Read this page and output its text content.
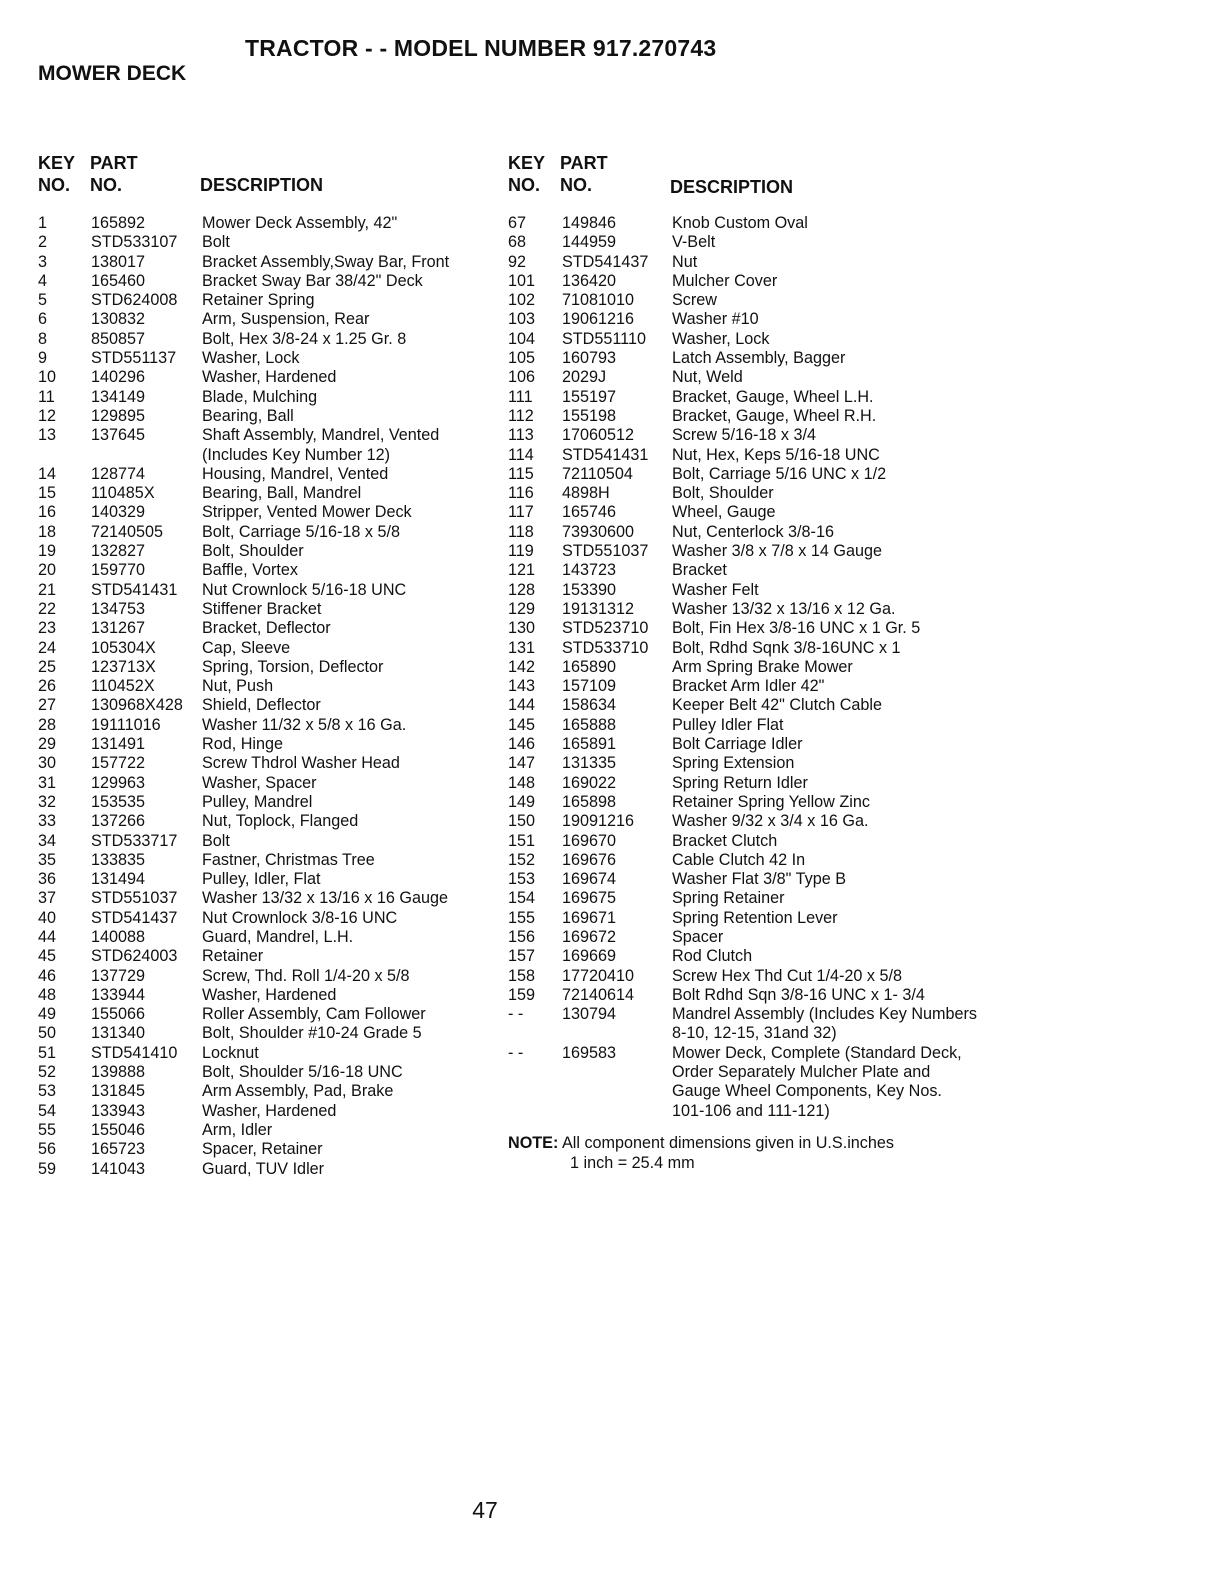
TRACTOR - - MODEL NUMBER 917.270743
MOWER DECK
KEY
NO.
PART
NO.	DESCRIPTION
1	165892	Mower Deck Assembly, 42"
2	STD533107 Bolt
3	138017	Bracket Assembly,Sway Bar, Front
4	165460	Bracket Sway Bar 38/42" Deck
5	STD624008 Retainer Spring
6	130832	Arm, Suspension, Rear
8	850857	Bolt, Hex 3/8-24 x 1.25 Gr. 8
9	STD551137 Washer, Lock
10 140296	Washer, Hardened
11 134149	Blade, Mulching
12 129895	Bearing, Ball
13 137645	Shaft Assembly, Mandrel, Vented (Includes Key Number 12)
14 128774	Housing, Mandrel, Vented
15 110485X	Bearing, Ball, Mandrel
16 140329	Stripper, Vented Mower Deck
18 72140505 Bolt, Carriage 5/16-18 x 5/8
19 132827	Bolt, Shoulder
20 159770	Baffle, Vortex
21 STD541431 Nut Crownlock 5/16-18 UNC
22 134753	Stiffener Bracket
23 131267	Bracket, Deflector
24 105304X	Cap, Sleeve
25 123713X	Spring, Torsion, Deflector
26 110452X	Nut, Push
27 130968X428 Shield, Deflector
28 19111016	Washer 11/32 x 5/8 x 16 Ga.
29 131491	Rod, Hinge
30 157722	Screw Thdrol Washer Head
31 129963	Washer, Spacer
32 153535	Pulley, Mandrel
33 137266	Nut, Toplock, Flanged
34 STD533717 Bolt
35 133835	Fastner, Christmas Tree
36 131494	Pulley, Idler, Flat
37 STD551037 Washer 13/32 x 13/16 x 16 Gauge
40 STD541437 Nut Crownlock 3/8-16 UNC
44 140088	Guard, Mandrel, L.H.
45 STD624003 Retainer
46 137729	Screw, Thd. Roll 1/4-20 x 5/8
48 133944	Washer, Hardened
49 155066	Roller Assembly, Cam Follower
50 131340	Bolt, Shoulder #10-24 Grade 5
51 STD541410 Locknut
52 139888	Bolt, Shoulder 5/16-18 UNC
53 131845	Arm Assembly, Pad, Brake
54 133943	Washer, Hardened
55 155046	Arm, Idler
56 165723	Spacer, Retainer
59 141043	Guard, TUV Idler
KEY
NO.
PART
NO.	DESCRIPTION
67 149846	Knob Custom Oval
68 144959	V-Belt
92 STD541437 Nut
101 136420	Mulcher Cover
102 71081010 Screw
103 19061216 Washer #10
104 STD551110 Washer, Lock
105 160793	Latch Assembly, Bagger
106 2029J	Nut, Weld
111 155197	Bracket, Gauge, Wheel L.H.
112 155198	Bracket, Gauge, Wheel R.H.
113 17060512 Screw 5/16-18 x 3/4
114 STD541431 Nut, Hex, Keps 5/16-18 UNC
115 72110504 Bolt, Carriage 5/16 UNC x 1/2
116 4898H	Bolt, Shoulder
117 165746	Wheel, Gauge
118 73930600 Nut, Centerlock 3/8-16
119 STD551037 Washer 3/8 x 7/8 x 14 Gauge
121 143723	Bracket
128 153390	Washer Felt
129 19131312 Washer 13/32 x 13/16 x 12 Ga.
130 STD523710 Bolt, Fin Hex 3/8-16 UNC x 1 Gr. 5
131 STD533710 Bolt, Rdhd Sqnk 3/8-16UNC x 1
142 165890	Arm Spring Brake Mower
143 157109	Bracket Arm Idler 42"
144 158634	Keeper Belt 42" Clutch Cable
145 165888	Pulley Idler Flat
146 165891	Bolt Carriage Idler
147 131335	Spring Extension
148 169022	Spring Return Idler
149 165898	Retainer Spring Yellow Zinc
150 19091216 Washer 9/32 x 3/4 x 16 Ga.
151 169670	Bracket Clutch
152 169676	Cable Clutch 42 In
153 169674	Washer Flat 3/8" Type B
154 169675	Spring Retainer
155 169671	Spring Retention Lever
156 169672	Spacer
157 169669	Rod Clutch
158 17720410 Screw Hex Thd Cut 1/4-20 x 5/8
159 72140614 Bolt Rdhd Sqn 3/8-16 UNC x 1- 3/4
- - 130794	Mandrel Assembly (Includes Key Numbers 8-10, 12-15, 31and 32)
- - 169583	Mower Deck, Complete (Standard Deck, Order Separately Mulcher Plate and Gauge Wheel Components, Key Nos. 101-106 and 111-121)
NOTE: All component dimensions given in U.S.inches
1 inch = 25.4 mm
47
